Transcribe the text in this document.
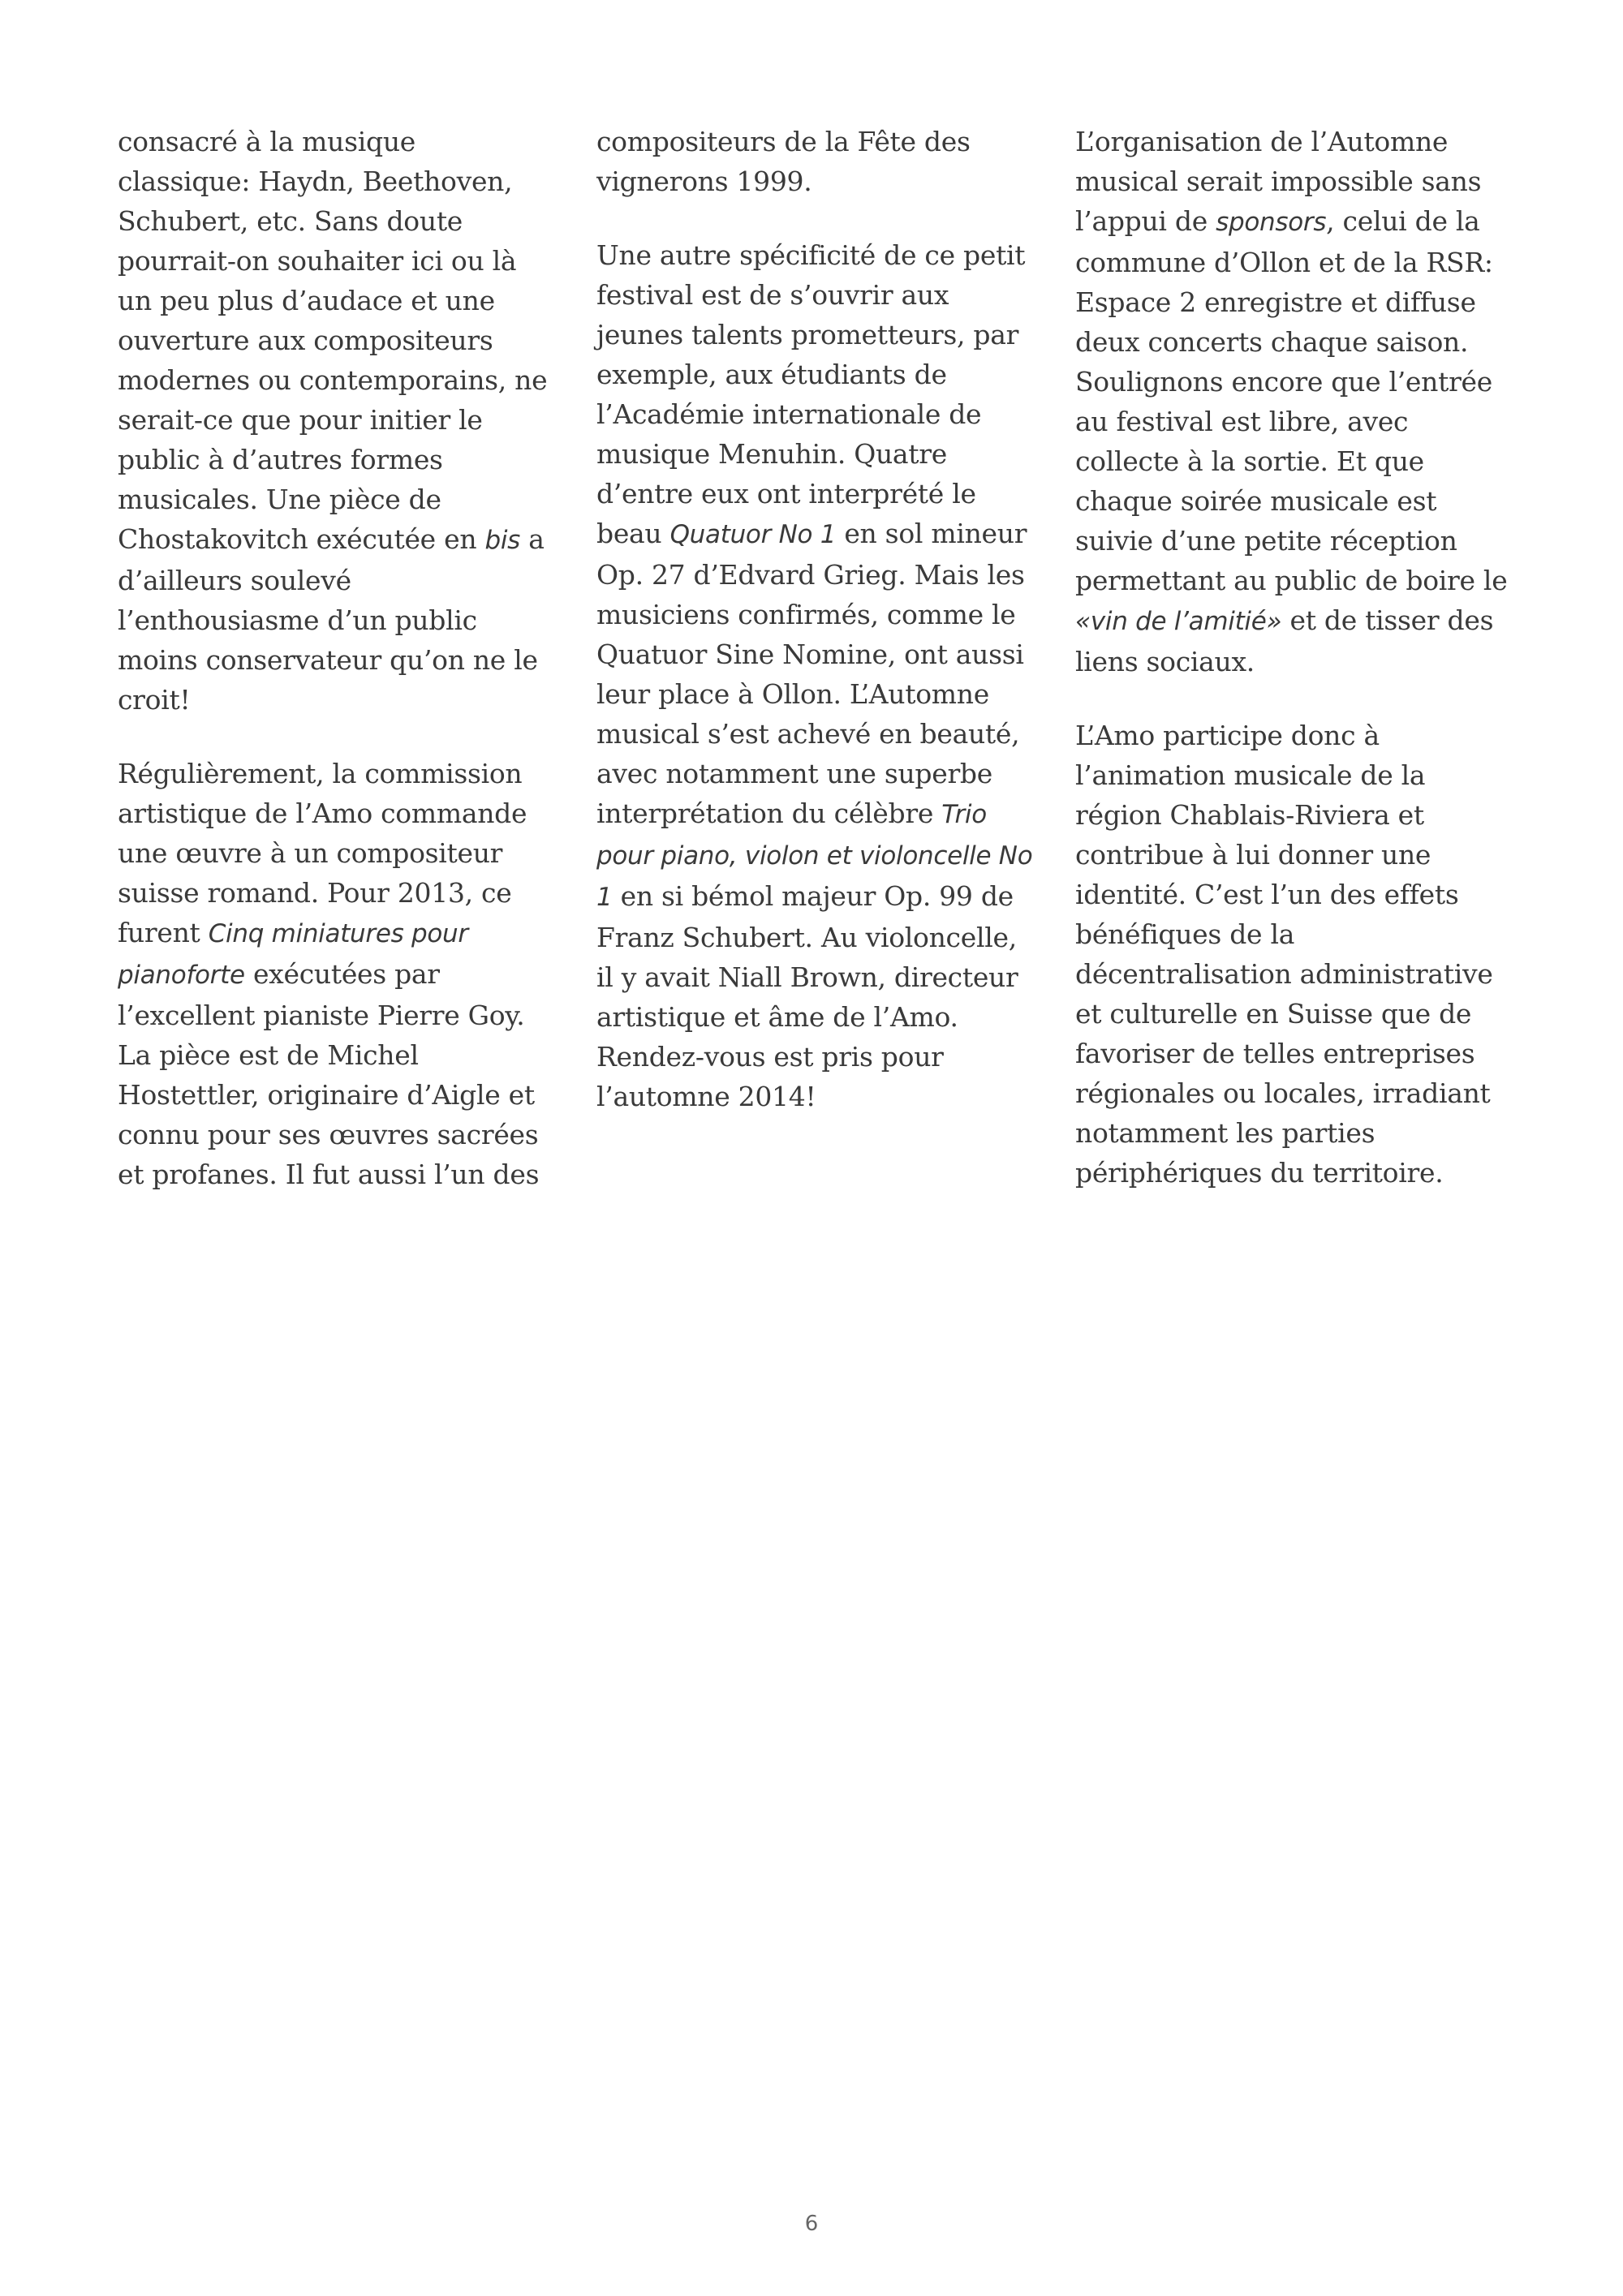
consacré à la musique classique: Haydn, Beethoven, Schubert, etc. Sans doute pourrait-on souhaiter ici ou là un peu plus d’audace et une ouverture aux compositeurs modernes ou contemporains, ne serait-ce que pour initier le public à d’autres formes musicales. Une pièce de Chostakovitch exécutée en bis a d’ailleurs soulevé l’enthousiasme d’un public moins conservateur qu’on ne le croit!

Régulièrement, la commission artistique de l’Amo commande une œuvre à un compositeur suisse romand. Pour 2013, ce furent Cinq miniatures pour pianoforte exécutées par l’excellent pianiste Pierre Goy. La pièce est de Michel Hostettler, originaire d’Aigle et connu pour ses œuvres sacrées et profanes. Il fut aussi l’un des

compositeurs de la Fête des vignerons 1999.

Une autre spécificité de ce petit festival est de s’ouvrir aux jeunes talents prometteurs, par exemple, aux étudiants de l’Académie internationale de musique Menuhin. Quatre d’entre eux ont interprété le beau Quatuor No 1 en sol mineur Op. 27 d’Edvard Grieg. Mais les musiciens confirmés, comme le Quatuor Sine Nomine, ont aussi leur place à Ollon. L’Automne musical s’est achevé en beauté, avec notamment une superbe interprétation du célèbre Trio pour piano, violon et violoncelle No 1 en si bémol majeur Op. 99 de Franz Schubert. Au violoncelle, il y avait Niall Brown, directeur artistique et âme de l’Amo. Rendez-vous est pris pour l’automne 2014!

L’organisation de l’Automne musical serait impossible sans l’appui de sponsors, celui de la commune d’Ollon et de la RSR: Espace 2 enregistre et diffuse deux concerts chaque saison. Soulignons encore que l’entrée au festival est libre, avec collecte à la sortie. Et que chaque soirée musicale est suivie d’une petite réception permettant au public de boire le «vin de l’amitié» et de tisser des liens sociaux.

L’Amo participe donc à l’animation musicale de la région Chablais-Riviera et contribue à lui donner une identité. C’est l’un des effets bénéfiques de la décentralisation administrative et culturelle en Suisse que de favoriser de telles entreprises régionales ou locales, irradiant notamment les parties périphériques du territoire.

6
